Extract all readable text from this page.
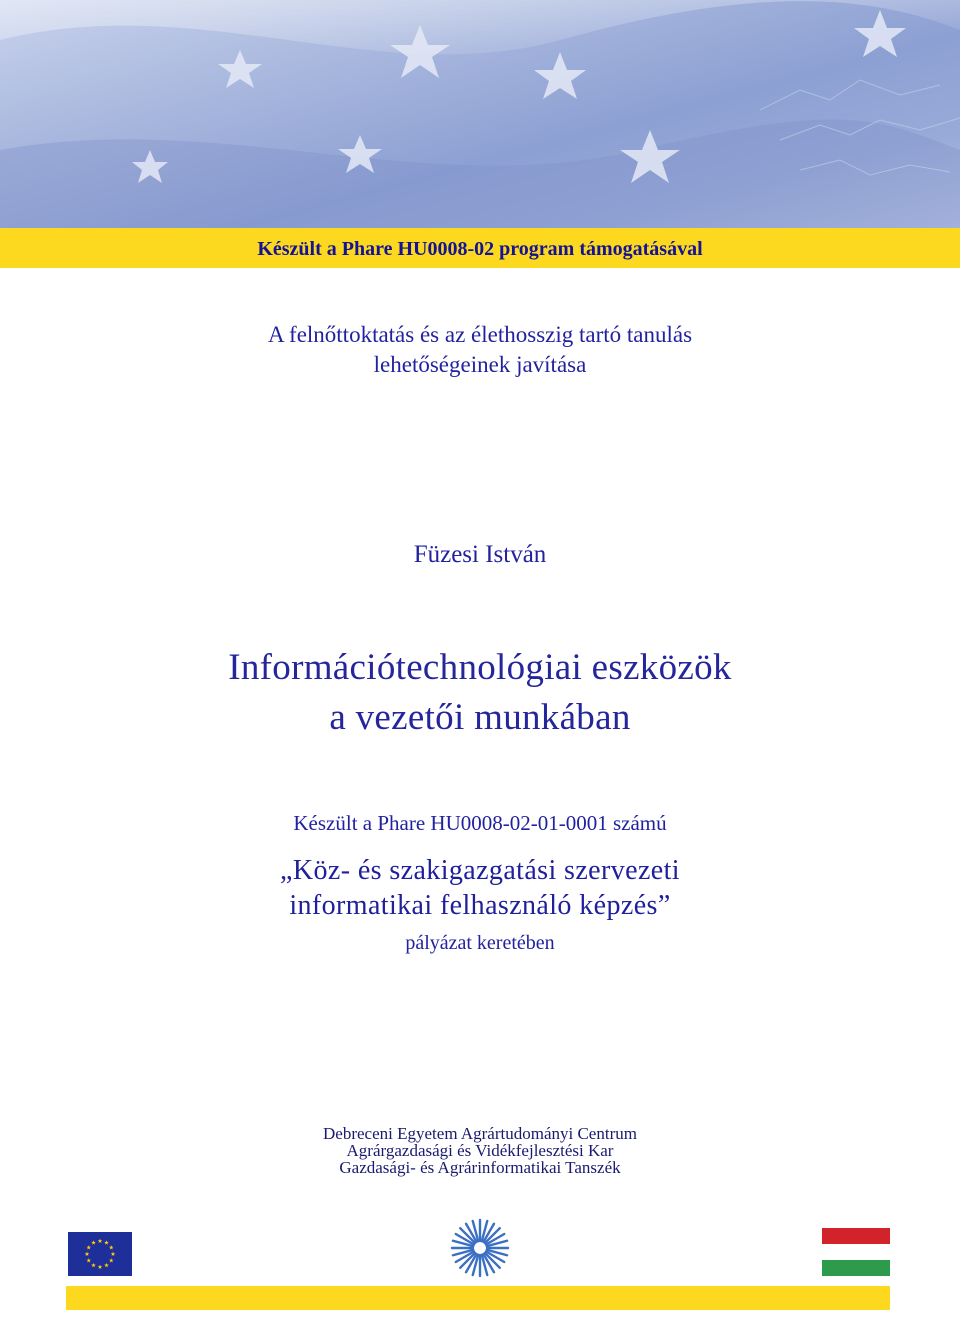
Készült a Phare HU0008-02 program támogatásával
A felnőttoktatás és az élethosszig tartó tanulás
lehetőségeinek javítása
Füzesi István
Információtechnológiai eszközök
a vezetői munkában
Készült a Phare HU0008-02-01-0001 számú
„Köz- és szakigazgatási szervezeti
informatikai felhasználó képzés”
pályázat keretében
Debreceni Egyetem Agrártudományi Centrum
Agrárgazdasági és Vidékfejlesztési Kar
Gazdasági- és Agrárinformatikai Tanszék
